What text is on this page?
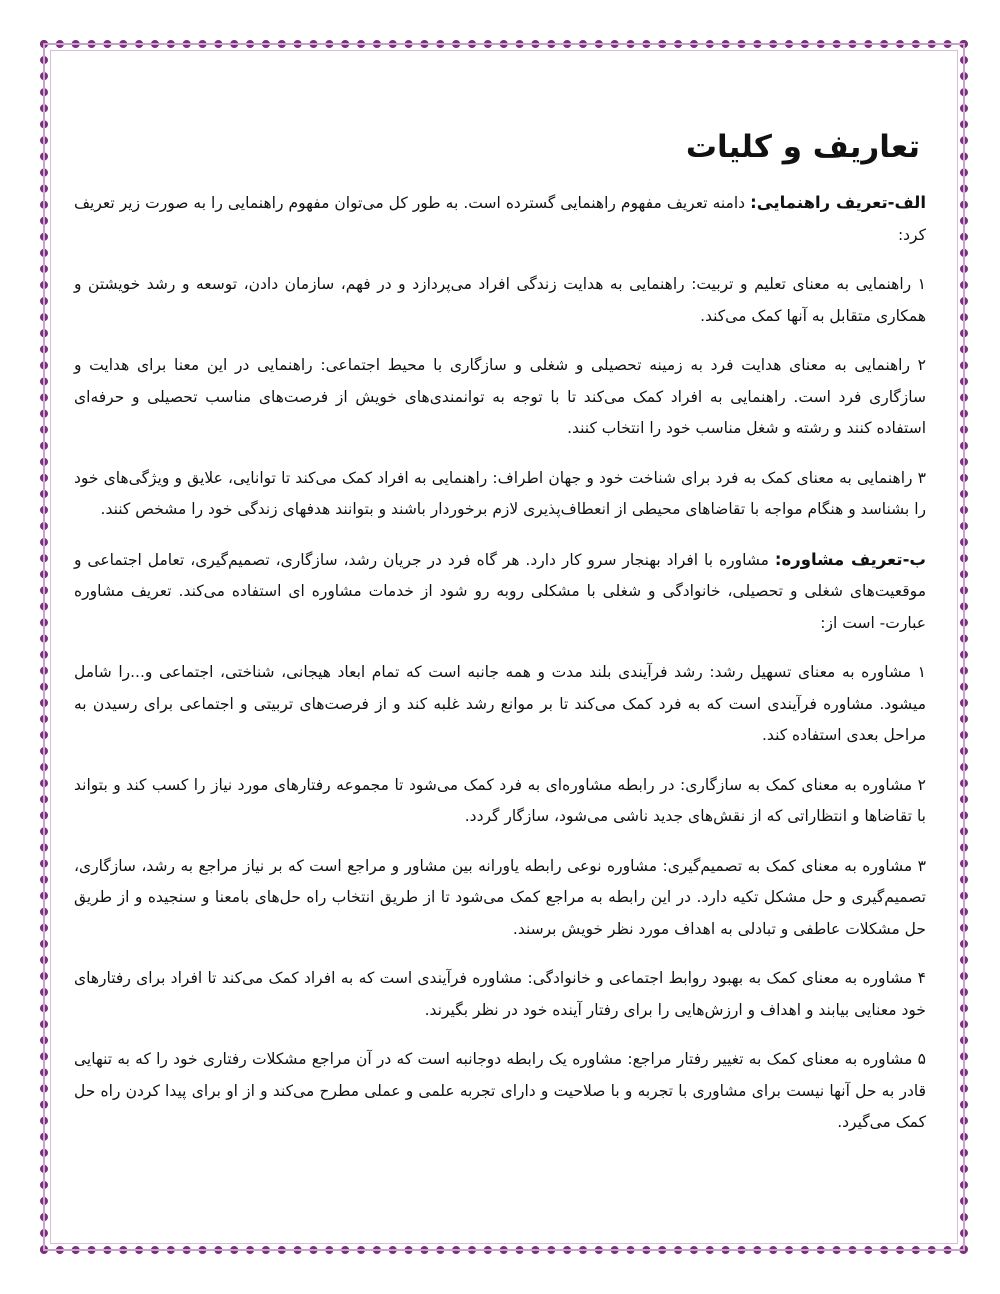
تعاریف و کلیات

الف-تعریف راهنمایی: دامنه تعریف مفهوم راهنمایی گسترده است. به طور کل می‌توان مفهوم راهنمایی را به صورت زیر تعریف کرد:

۱ راهنمایی به معنای تعلیم و تربیت: راهنمایی به هدایت زندگی افراد می‌پردازد و در فهم، سازمان دادن، توسعه و رشد خویشتن و همکاری متقابل به آنها کمک می‌کند.

۲ راهنمایی به معنای هدایت فرد به زمینه تحصیلی و شغلی و سازگاری با محیط اجتماعی: راهنمایی در این معنا برای هدایت و سازگاری فرد است. راهنمایی به افراد کمک می‌کند تا با توجه به توانمندی‌های خویش از فرصت‌های مناسب تحصیلی و حرفه‌ای استفاده کنند و رشته و شغل مناسب خود را انتخاب کنند.

۳ راهنمایی به معنای کمک به فرد برای شناخت خود و جهان اطراف: راهنمایی به افراد کمک می‌کند تا توانایی، علایق و ویژگی‌های خود را بشناسد و هنگام مواجه با تقاضاهای محیطی از انعطاف‌پذیری لازم برخوردار باشند و بتوانند هدفهای زندگی خود را مشخص کنند.

ب-تعریف مشاوره: مشاوره با افراد بهنجار سرو کار دارد. هر گاه فرد در جریان رشد، سازگاری، تصمیم‌گیری، تعامل اجتماعی و موقعیت‌های شغلی و تحصیلی، خانوادگی و شغلی با مشکلی روبه رو شود از خدمات مشاوره ای استفاده می‌کند. تعریف مشاوره عبارت- است از:

۱ مشاوره به معنای تسهیل رشد: رشد فرآیندی بلند مدت و همه جانبه است که تمام ابعاد هیجانی، شناختی، اجتماعی و...را شامل میشود. مشاوره فرآیندی است که به فرد کمک می‌کند تا بر موانع رشد غلبه کند و از فرصت‌های تربیتی و اجتماعی برای رسیدن به مراحل بعدی استفاده کند.

۲ مشاوره به معنای کمک به سازگاری: در رابطه مشاوره‌ای به فرد کمک می‌شود تا مجموعه رفتارهای مورد نیاز را کسب کند و بتواند با تقاضاها و انتظاراتی که از نقش‌های جدید ناشی می‌شود، سازگار گردد.

۳ مشاوره به معنای کمک به تصمیم‌گیری: مشاوره نوعی رابطه یاورانه بین مشاور و مراجع است که بر نیاز مراجع به رشد، سازگاری، تصمیم‌گیری و حل مشکل تکیه دارد. در این رابطه به مراجع کمک می‌شود تا از طریق انتخاب راه حل‌های بامعنا و سنجیده و از طریق حل مشکلات عاطفی و تبادلی به اهداف مورد نظر خویش برسند.

۴ مشاوره به معنای کمک به بهبود روابط اجتماعی و خانوادگی: مشاوره فرآیندی است که به افراد کمک می‌کند تا افراد برای رفتارهای خود معنایی بیابند و اهداف و ارزش‌هایی را برای رفتار آینده خود در نظر بگیرند.

۵ مشاوره به معنای کمک به تغییر رفتار مراجع: مشاوره یک رابطه دوجانبه است که در آن مراجع مشکلات رفتاری خود را که به تنهایی قادر به حل آنها نیست برای مشاوری با تجربه و با صلاحیت و دارای تجربه علمی و عملی مطرح می‌کند و از او برای پیدا کردن راه حل کمک می‌گیرد.
